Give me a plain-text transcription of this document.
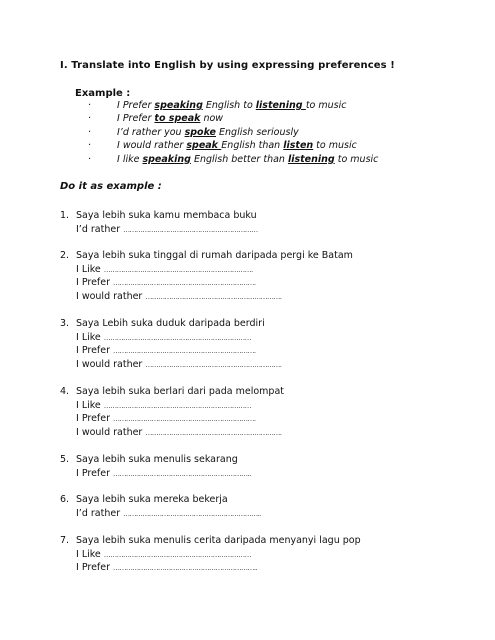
I. Translate into English by using expressing preferences !
Example :
·	I Prefer speaking English to listening to music
·	I Prefer to speak now
·	I’d rather you spoke English seriously
·	I would rather speak English than listen to music
·	I like speaking English better than listening to music
Do it as example :
1. Saya lebih suka kamu membaca buku
I’d rather ………………………………………………………
2. Saya lebih suka tinggal di rumah daripada pergi ke Batam
I Like …………………………………………………………….
I Prefer ………………………………………………………….
I would rather ……………………………………………………….
3. Saya Lebih suka duduk daripada berdiri
I Like ……………………………………………………………
I Prefer ………………………………………………………….
I would rather ……………………………………………………….
4. Saya lebih suka berlari dari pada melompat
I Like ……………………………………………………………
I Prefer ………………………………………………………….
I would rather ……………………………………………………….
5. Saya lebih suka menulis sekarang
I Prefer ………………………………………………………..
6. Saya lebih suka mereka bekerja
I’d rather ………………………………………………………..
7. Saya lebih suka menulis cerita daripada menyanyi lagu pop
I Like ……………………………………………………………
I Prefer …………………………………………………………..
